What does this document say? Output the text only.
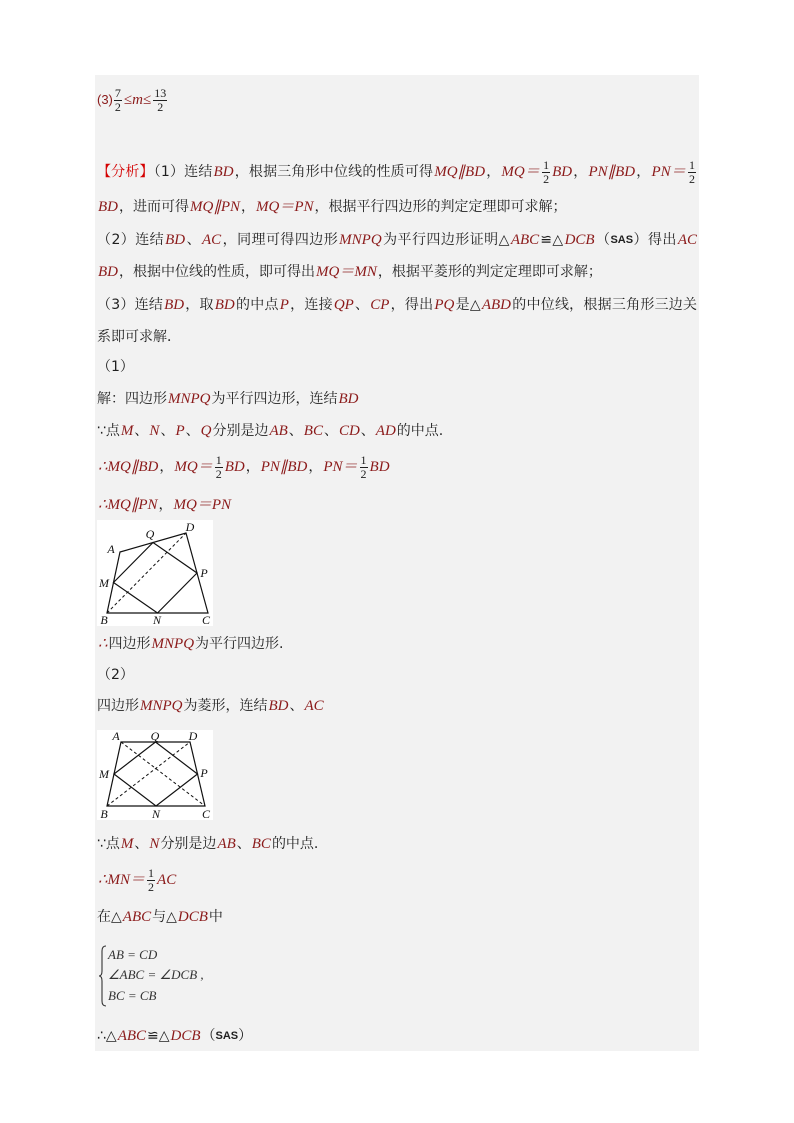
$(3) \frac{7}{2} \le m\le \frac{13}{2}$
【分析】（1）连结BD，根据三角形中位线的性质可得MQ∥BD，$MQ= \frac{1}{2}$ BD，PN∥BD，$PN= \frac{1}{2}$
BD，进而可得MQ∥PN，MQ＝PN，根据平行四边形的判定定理即可求解；
（2）连结BD、AC，同理可得四边形MNPQ为平行四边形证明△ABC≌△DCB（SAS）得出AC
BD，根据中位线的性质，即可得出MQ＝MN，根据平菱形的判定定理即可求解；
（3）连结BD，取BD的中点P，连接QP、CP，得出PQ是△ABD的中位线，根据三角形三边关
系即可求解．
（1）
解：四边形MNPQ为平行四边形，连结BD
∵点M、N、P、Q分别是边AB、BC、CD、AD的中点.
∴MQ∥BD，$MQ= \frac{1}{2}$ BD，PN∥BD，$PN= \frac{1}{2}$ BD
∴MQ∥PN，MQ＝PN
∴四边形MNPQ为平行四边形.
（2）
四边形MNPQ为菱形，连结BD、AC
∵点M、N分别是边AB、BC的中点.
∴MN＝ $\frac{1}{2}$ AC
在△ABC与△DCB中
∴△ABC≌△DCB（SAS）
A
Q	D
M
P
B	N	C
A	Q D
M	P
B	N	C
AB = CD
∠ABC = ∠DCB ,
BC = CB
